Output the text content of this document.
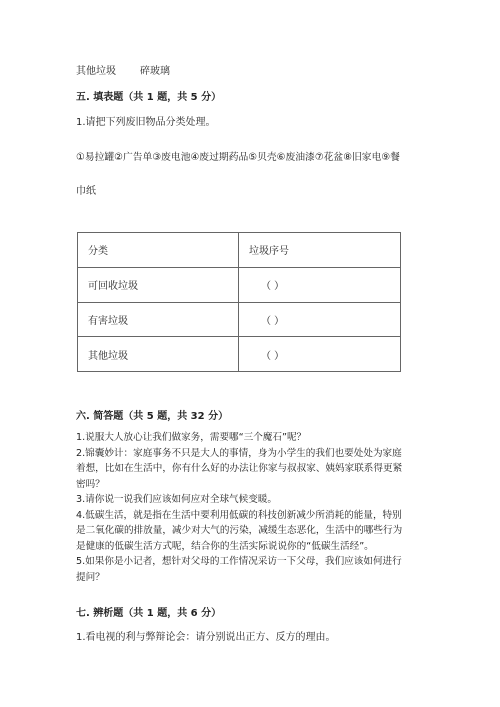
其他垃圾 碎玻璃
五. 填表题（共 1 题，共 5 分）
1.请把下列废旧物品分类处理。
①易拉罐②广告单③废电池④废过期药品⑤贝壳⑥废油漆⑦花盆⑧旧家电⑨餐
巾纸
分类	垃圾序号
可回收垃圾	（ ）
有害垃圾	（ ）
其他垃圾	（ ）
六. 简答题（共 5 题，共 32 分）
1.说服大人放心让我们做家务，需要哪“三个魔石”呢？
2.锦囊妙计：家庭事务不只是大人的事情，身为小学生的我们也要处处为家庭
着想，比如在生活中，你有什么好的办法让你家与叔叔家、姨妈家联系得更紧
密吗？
3.请你说一说我们应该如何应对全球气候变暖。
4.低碳生活，就是指在生活中要利用低碳的科技创新减少所消耗的能量，特别
是二氧化碳的排放量，减少对大气的污染，减缓生态恶化，生活中的哪些行为
是健康的低碳生活方式呢，结合你的生活实际说说你的“低碳生活经”。
5.如果你是小记者，想针对父母的工作情况采访一下父母，我们应该如何进行
提问？
七. 辨析题（共 1 题，共 6 分）
1.看电视的利与弊辩论会：请分别说出正方、反方的理由。
